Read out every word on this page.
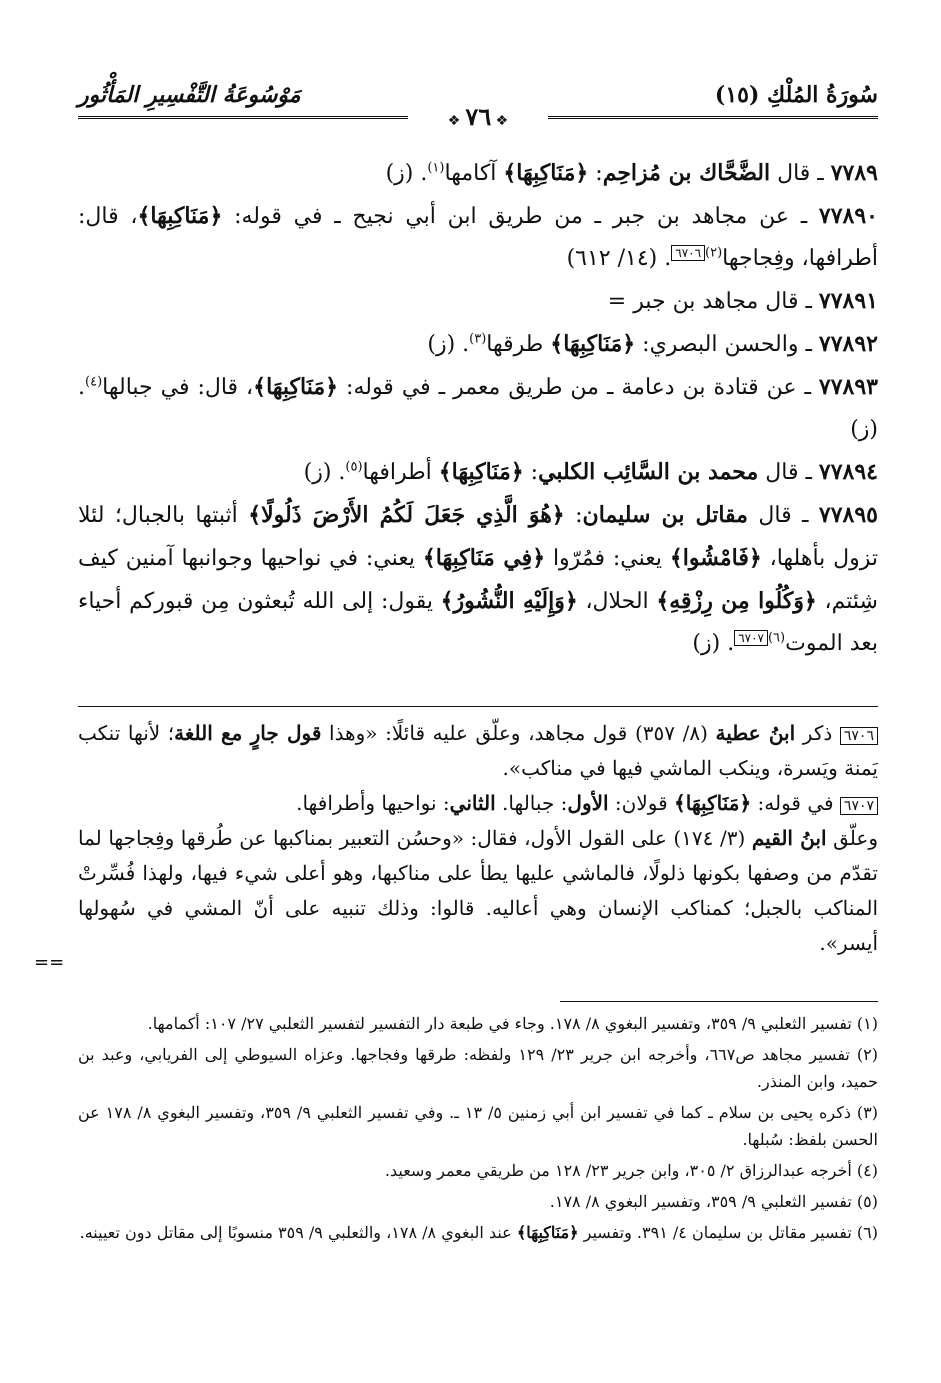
سُورَةُ المُلْكِ (١٥)
مَوْسُوعَةُ التَّفْسِيرِ المَأْثُور
❖ ٧٦ ❖
٧٧٨٩ ـ قال الضَّحَّاك بن مُزاحِم: ﴿مَنَاكِبِهَا﴾ آكامها$^{(١)}$. (ز)
٧٧٨٩٠ ـ عن مجاهد بن جبر ـ من طريق ابن أبي نجيح ـ في قوله: ﴿مَنَاكِبِهَا﴾، قال: أطرافها، وفِجاجها$^{(٢)}$٦٧٠٦. (١٤/ ٦١٢)
٧٧٨٩١ ـ قال مجاهد بن جبر =
٧٧٨٩٢ ـ والحسن البصري: ﴿مَنَاكِبِهَا﴾ طرقها$^{(٣)}$. (ز)
٧٧٨٩٣ ـ عن قتادة بن دعامة ـ من طريق معمر ـ في قوله: ﴿مَنَاكِبِهَا﴾، قال: في جبالها$^{(٤)}$. (ز)
٧٧٨٩٤ ـ قال محمد بن السَّائِب الكلبي: ﴿مَنَاكِبِهَا﴾ أطرافها$^{(٥)}$. (ز)
٧٧٨٩٥ ـ قال مقاتل بن سليمان: ﴿هُوَ الَّذِي جَعَلَ لَكُمُ الأَرْضَ ذَلُولًا﴾ أثبتها بالجبال؛ لئلا تزول بأهلها، ﴿فَامْشُوا﴾ يعني: فمُرّوا ﴿فِي مَنَاكِبِهَا﴾ يعني: في نواحيها وجوانبها آمنين كيف شِئتم، ﴿وَكُلُوا مِن رِزْقِهِ﴾ الحلال، ﴿وَإِلَيْهِ النُّشُورُ﴾ يقول: إلى الله تُبعثون مِن قبوركم أحياء بعد الموت$^{(٦)}$٦٧٠٧. (ز)
٦٧٠٦ ذكر ابنُ عطية (٨/ ٣٥٧) قول مجاهد، وعلّق عليه قائلًا: «وهذا قول جارٍ مع اللغة؛ لأنها تنكب يَمنة ويَسرة، وينكب الماشي فيها في مناكب».
٦٧٠٧ في قوله: ﴿مَنَاكِبِهَا﴾ قولان: الأول: جبالها. الثاني: نواحيها وأطرافها.
وعلّق ابنُ القيم (٣/ ١٧٤) على القول الأول، فقال: «وحسُن التعبير بمناكبها عن طُرقها وفِجاجها لما تقدّم من وصفها بكونها ذلولًا، فالماشي عليها يطأ على مناكبها، وهو أعلى شيء فيها، ولهذا فُسِّرتْ المناكب بالجبل؛ كمناكب الإنسان وهي أعاليه. قالوا: وذلك تنبيه على أنّ المشي في سُهولها أيسر».
==
(١) تفسير الثعلبي ٩/ ٣٥٩، وتفسير البغوي ٨/ ١٧٨. وجاء في طبعة دار التفسير لتفسير الثعلبي ٢٧/ ١٠٧: أكمامها.
(٢) تفسير مجاهد ص٦٦٧، وأخرجه ابن جرير ٢٣/ ١٢٩ ولفظه: طرقها وفجاجها. وعزاه السيوطي إلى الفريابي، وعبد بن حميد، وابن المنذر.
(٣) ذكره يحيى بن سلام ـ كما في تفسير ابن أبي زمنين ٥/ ١٣ ـ. وفي تفسير الثعلبي ٩/ ٣٥٩، وتفسير البغوي ٨/ ١٧٨ عن الحسن بلفظ: سُبلها.
(٤) أخرجه عبدالرزاق ٢/ ٣٠٥، وابن جرير ٢٣/ ١٢٨ من طريقي معمر وسعيد.
(٥) تفسير الثعلبي ٩/ ٣٥٩، وتفسير البغوي ٨/ ١٧٨.
(٦) تفسير مقاتل بن سليمان ٤/ ٣٩١. وتفسير ﴿مَنَاكِبِهَا﴾ عند البغوي ٨/ ١٧٨، والثعلبي ٩/ ٣٥٩ منسوبًا إلى مقاتل دون تعيينه.
